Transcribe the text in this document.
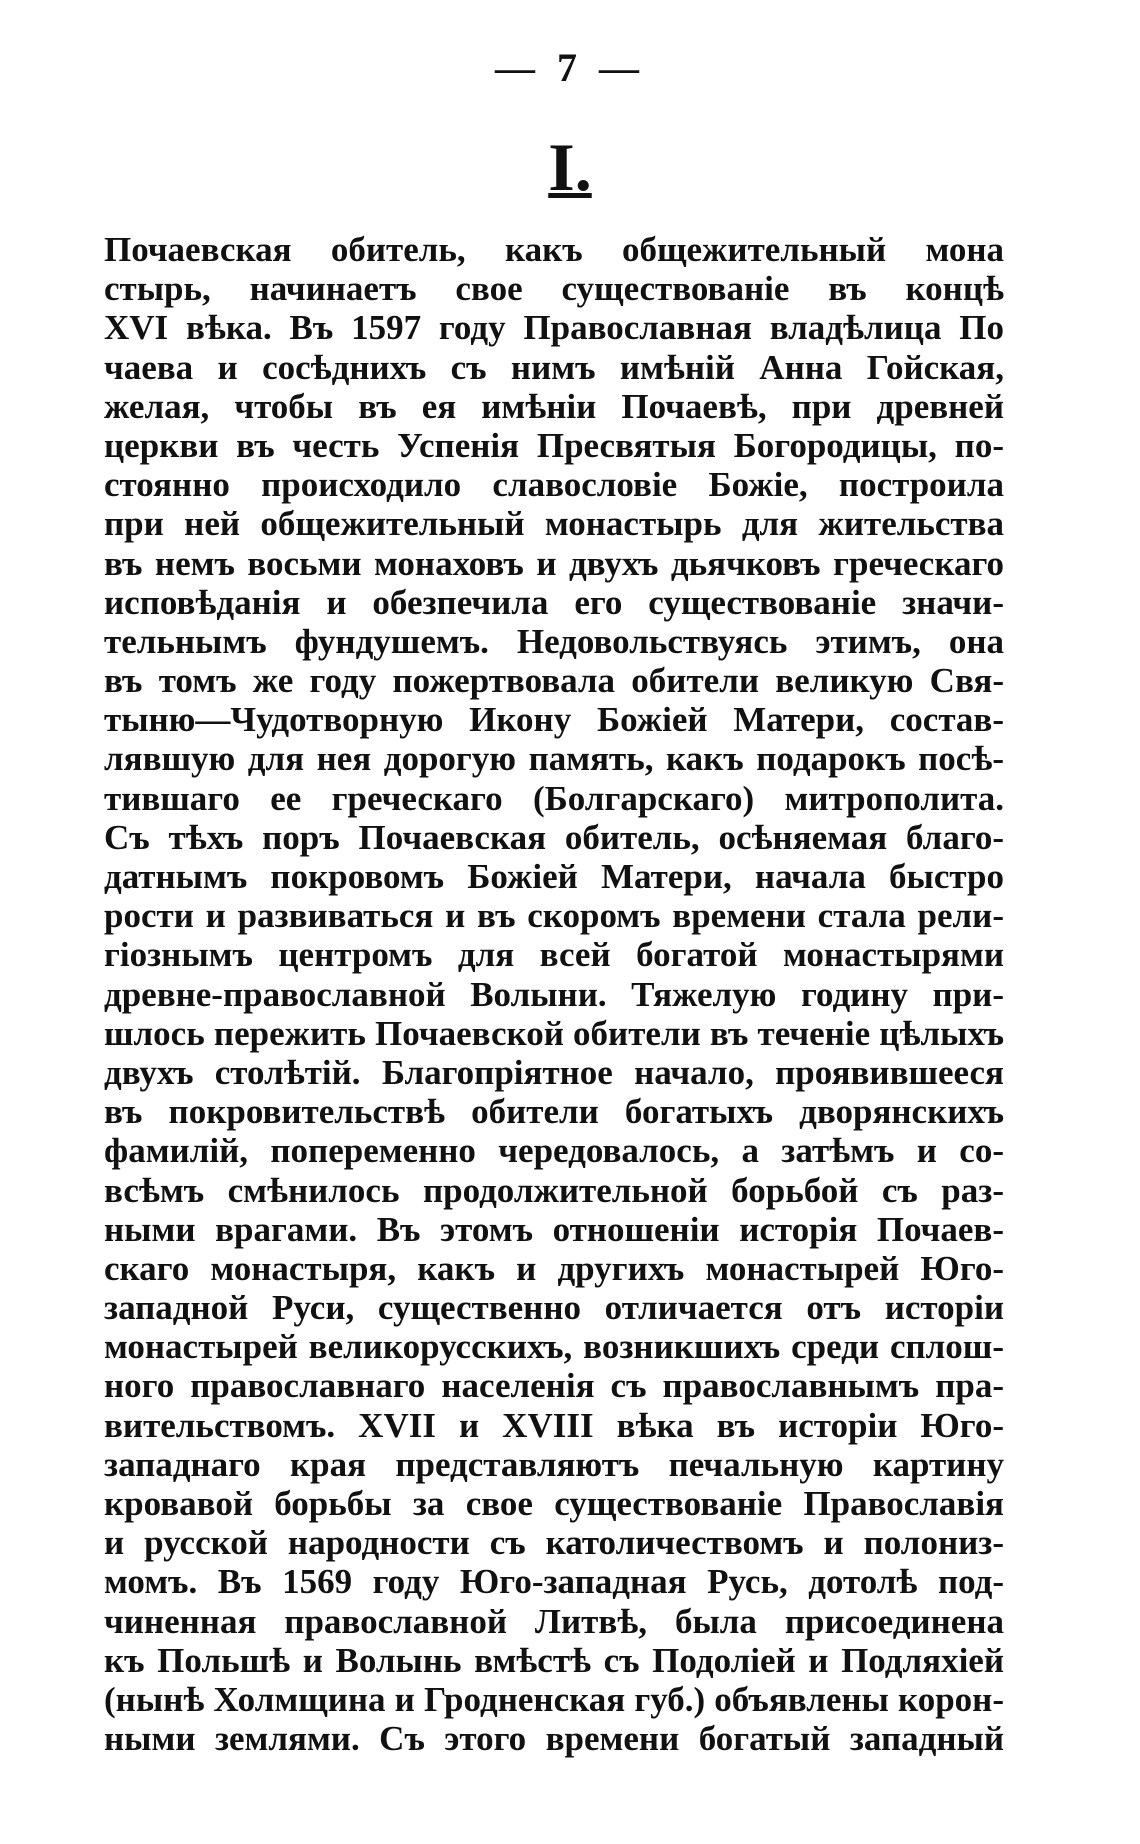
— 7 —
I.
Почаевская обитель, какъ общежительный мона
стырь, начинаетъ свое существованіе въ концѣ
XVI вѣка. Въ 1597 году Православная владѣлица По
чаева и сосѣднихъ съ нимъ имѣній Анна Гойская,
желая, чтобы въ ея имѣніи Почаевѣ, при древней
церкви въ честь Успенія Пресвятыя Богородицы, по-
стоянно происходило славословіе Божіе, построила
при ней общежительный монастырь для жительства
въ немъ восьми монаховъ и двухъ дьячковъ греческаго
исповѣданія и обезпечила его существованіе значи-
тельнымъ фундушемъ. Недовольствуясь этимъ, она
въ томъ же году пожертвовала обители великую Свя-
тыню—Чудотворную Икону Божіей Матери, состав-
лявшую для нея дорогую память, какъ подарокъ посѣ-
тившаго ее греческаго (Болгарскаго) митрополита.
Съ тѣхъ поръ Почаевская обитель, осѣняемая благо-
датнымъ покровомъ Божіей Матери, начала быстро
рости и развиваться и въ скоромъ времени стала рели-
гіознымъ центромъ для всей богатой монастырями
древне-православной Волыни. Тяжелую годину при-
шлось пережить Почаевской обители въ теченіе цѣлыхъ
двухъ столѣтій. Благопріятное начало, проявившееся
въ покровительствѣ обители богатыхъ дворянскихъ
фамилій, попеременно чередовалось, а затѣмъ и со-
всѣмъ смѣнилось продолжительной борьбой съ раз-
ными врагами. Въ этомъ отношеніи исторія Почаев-
скаго монастыря, какъ и другихъ монастырей Юго-
западной Руси, существенно отличается отъ исторіи
монастырей великорусскихъ, возникшихъ среди сплош-
ного православнаго населенія съ православнымъ пра-
вительствомъ. XVII и XVIII вѣка въ исторіи Юго-
западнаго края представляютъ печальную картину
кровавой борьбы за свое существованіе Православія
и русской народности съ католичествомъ и полониз-
момъ. Въ 1569 году Юго-западная Русь, дотолѣ под-
чиненная православной Литвѣ, была присоединена
къ Польшѣ и Волынь вмѣстѣ съ Подоліей и Подляхіей
(нынѣ Холмщина и Гродненская губ.) объявлены корон-
ными землями. Съ этого времени богатый западный
